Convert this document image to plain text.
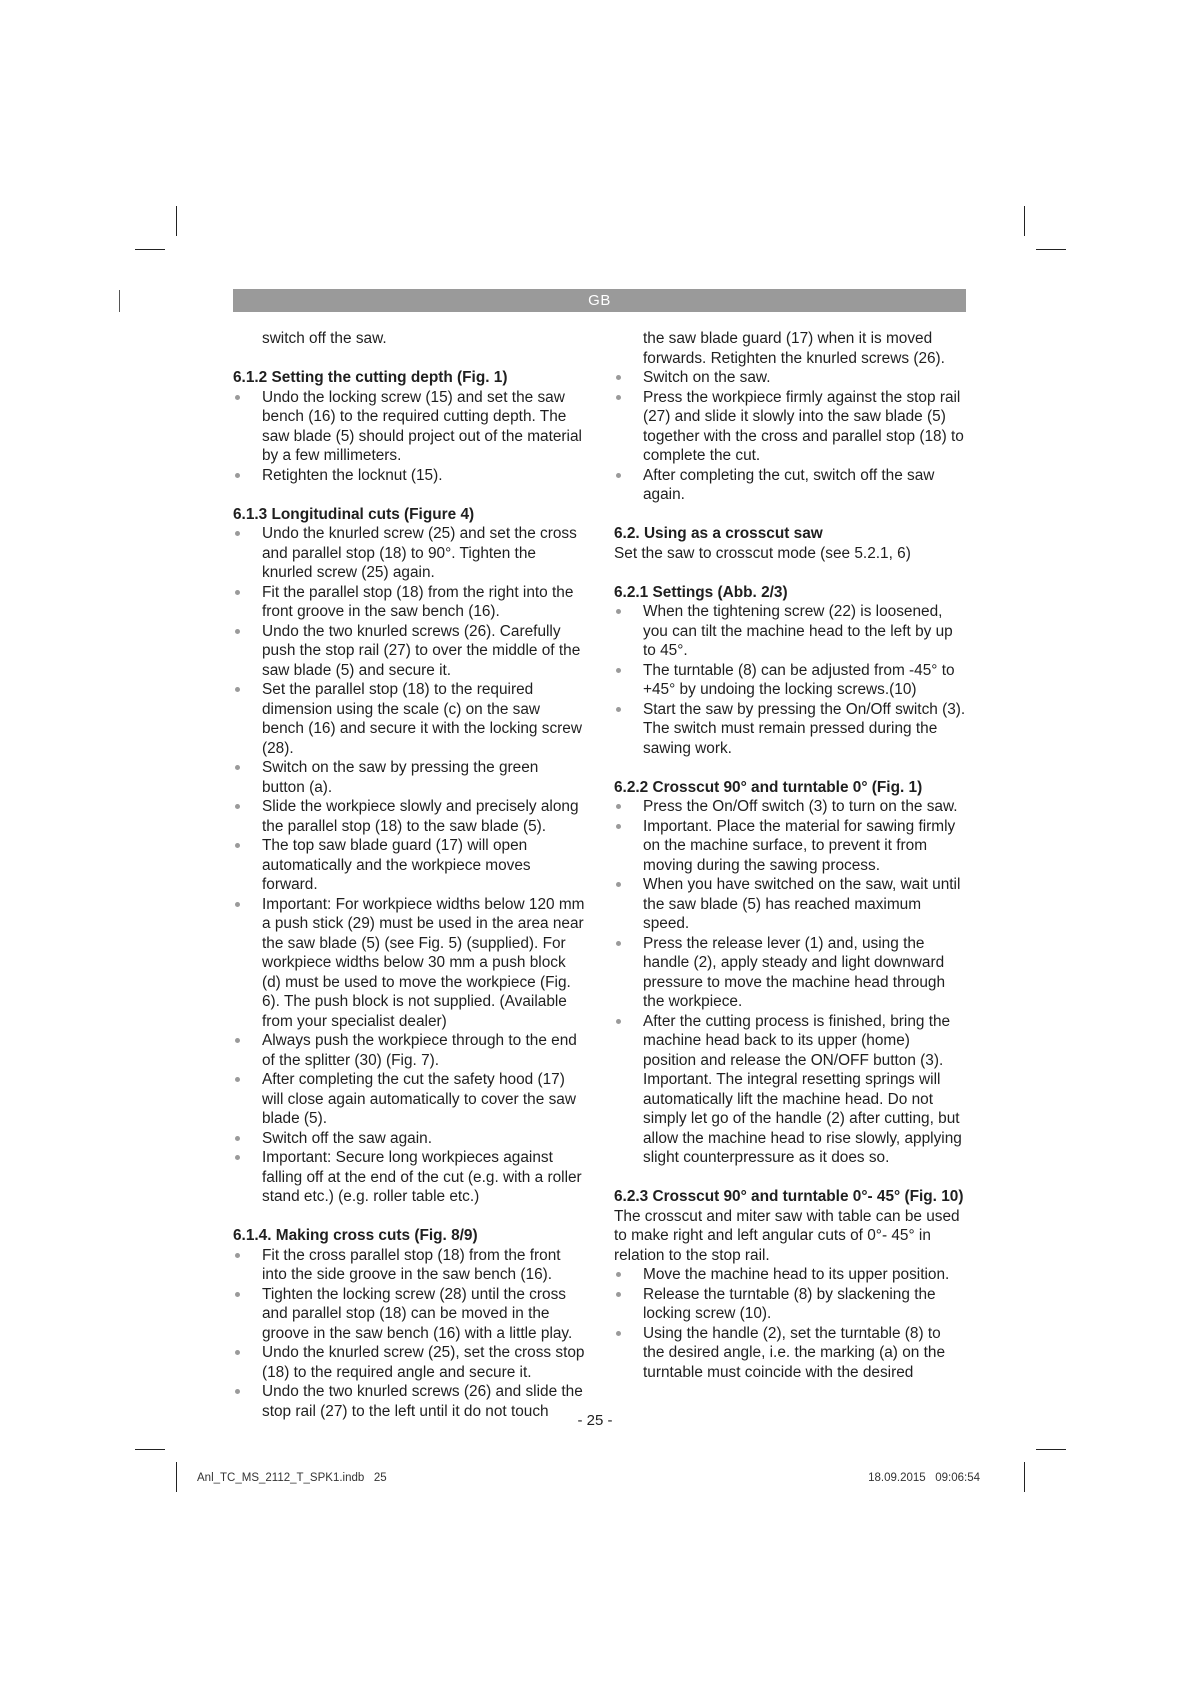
GB

switch off the saw.

6.1.2 Setting the cutting depth (Fig. 1)
Undo the locking screw (15) and set the saw bench (16) to the required cutting depth. The saw blade (5) should project out of the material by a few millimeters.
Retighten the locknut (15).
6.1.3 Longitudinal cuts (Figure 4)
Undo the knurled screw (25) and set the cross and parallel stop (18) to 90°. Tighten the knurled screw (25) again.
Fit the parallel stop (18) from the right into the front groove in the saw bench (16).
Undo the two knurled screws (26). Carefully push the stop rail (27) to over the middle of the saw blade (5) and secure it.
Set the parallel stop (18) to the required dimension using the scale (c) on the saw bench (16) and secure it with the locking screw (28).
Switch on the saw by pressing the green button (a).
Slide the workpiece slowly and precisely along the parallel stop (18) to the saw blade (5).
The top saw blade guard (17) will open automatically and the workpiece moves forward.
Important: For workpiece widths below 120 mm a push stick (29) must be used in the area near the saw blade (5) (see Fig. 5) (supplied). For workpiece widths below 30 mm a push block (d) must be used to move the workpiece (Fig. 6). The push block is not supplied. (Available from your specialist dealer)
Always push the workpiece through to the end of the splitter (30) (Fig. 7).
After completing the cut the safety hood (17) will close again automatically to cover the saw blade (5).
Switch off the saw again.
Important: Secure long workpieces against falling off at the end of the cut (e.g. with a roller stand etc.) (e.g. roller table etc.)
6.1.4. Making cross cuts (Fig. 8/9)
Fit the cross parallel stop (18) from the front into the side groove in the saw bench (16).
Tighten the locking screw (28) until the cross and parallel stop (18) can be moved in the groove in the saw bench (16) with a little play.
Undo the knurled screw (25), set the cross stop (18) to the required angle and secure it.
Undo the two knurled screws (26) and slide the stop rail (27) to the left until it do not touch

the saw blade guard (17) when it is moved forwards. Retighten the knurled screws (26).

Switch on the saw.
Press the workpiece firmly against the stop rail (27) and slide it slowly into the saw blade (5) together with the cross and parallel stop (18) to complete the cut.
After completing the cut, switch off the saw again.
6.2. Using as a crosscut saw

Set the saw to crosscut mode (see 5.2.1, 6)

6.2.1 Settings (Abb. 2/3)
When the tightening screw (22) is loosened, you can tilt the machine head to the left by up to 45°.
The turntable (8) can be adjusted from -45° to +45° by undoing the locking screws.(10)
Start the saw by pressing the On/Off switch (3). The switch must remain pressed during the sawing work.
6.2.2 Crosscut 90° and turntable 0° (Fig. 1)
Press the On/Off switch (3) to turn on the saw.
Important. Place the material for sawing firmly on the machine surface, to prevent it from moving during the sawing process.
When you have switched on the saw, wait until the saw blade (5) has reached maximum speed.
Press the release lever (1) and, using the handle (2), apply steady and light downward pressure to move the machine head through the workpiece.
After the cutting process is finished, bring the machine head back to its upper (home) position and release the ON/OFF button (3). Important. The integral resetting springs will automatically lift the machine head. Do not simply let go of the handle (2) after cutting, but allow the machine head to rise slowly, applying slight counterpressure as it does so.
6.2.3 Crosscut 90° and turntable 0°- 45° (Fig. 10)

The crosscut and miter saw with table can be used to make right and left angular cuts of 0°- 45° in relation to the stop rail.

Move the machine head to its upper position.
Release the turntable (8) by slackening the locking screw (10).
Using the handle (2), set the turntable (8) to the desired angle, i.e. the marking (a) on the turntable must coincide with the desired
- 25 -
Anl_TC_MS_2112_T_SPK1.indb   25	18.09.2015   09:06:54
